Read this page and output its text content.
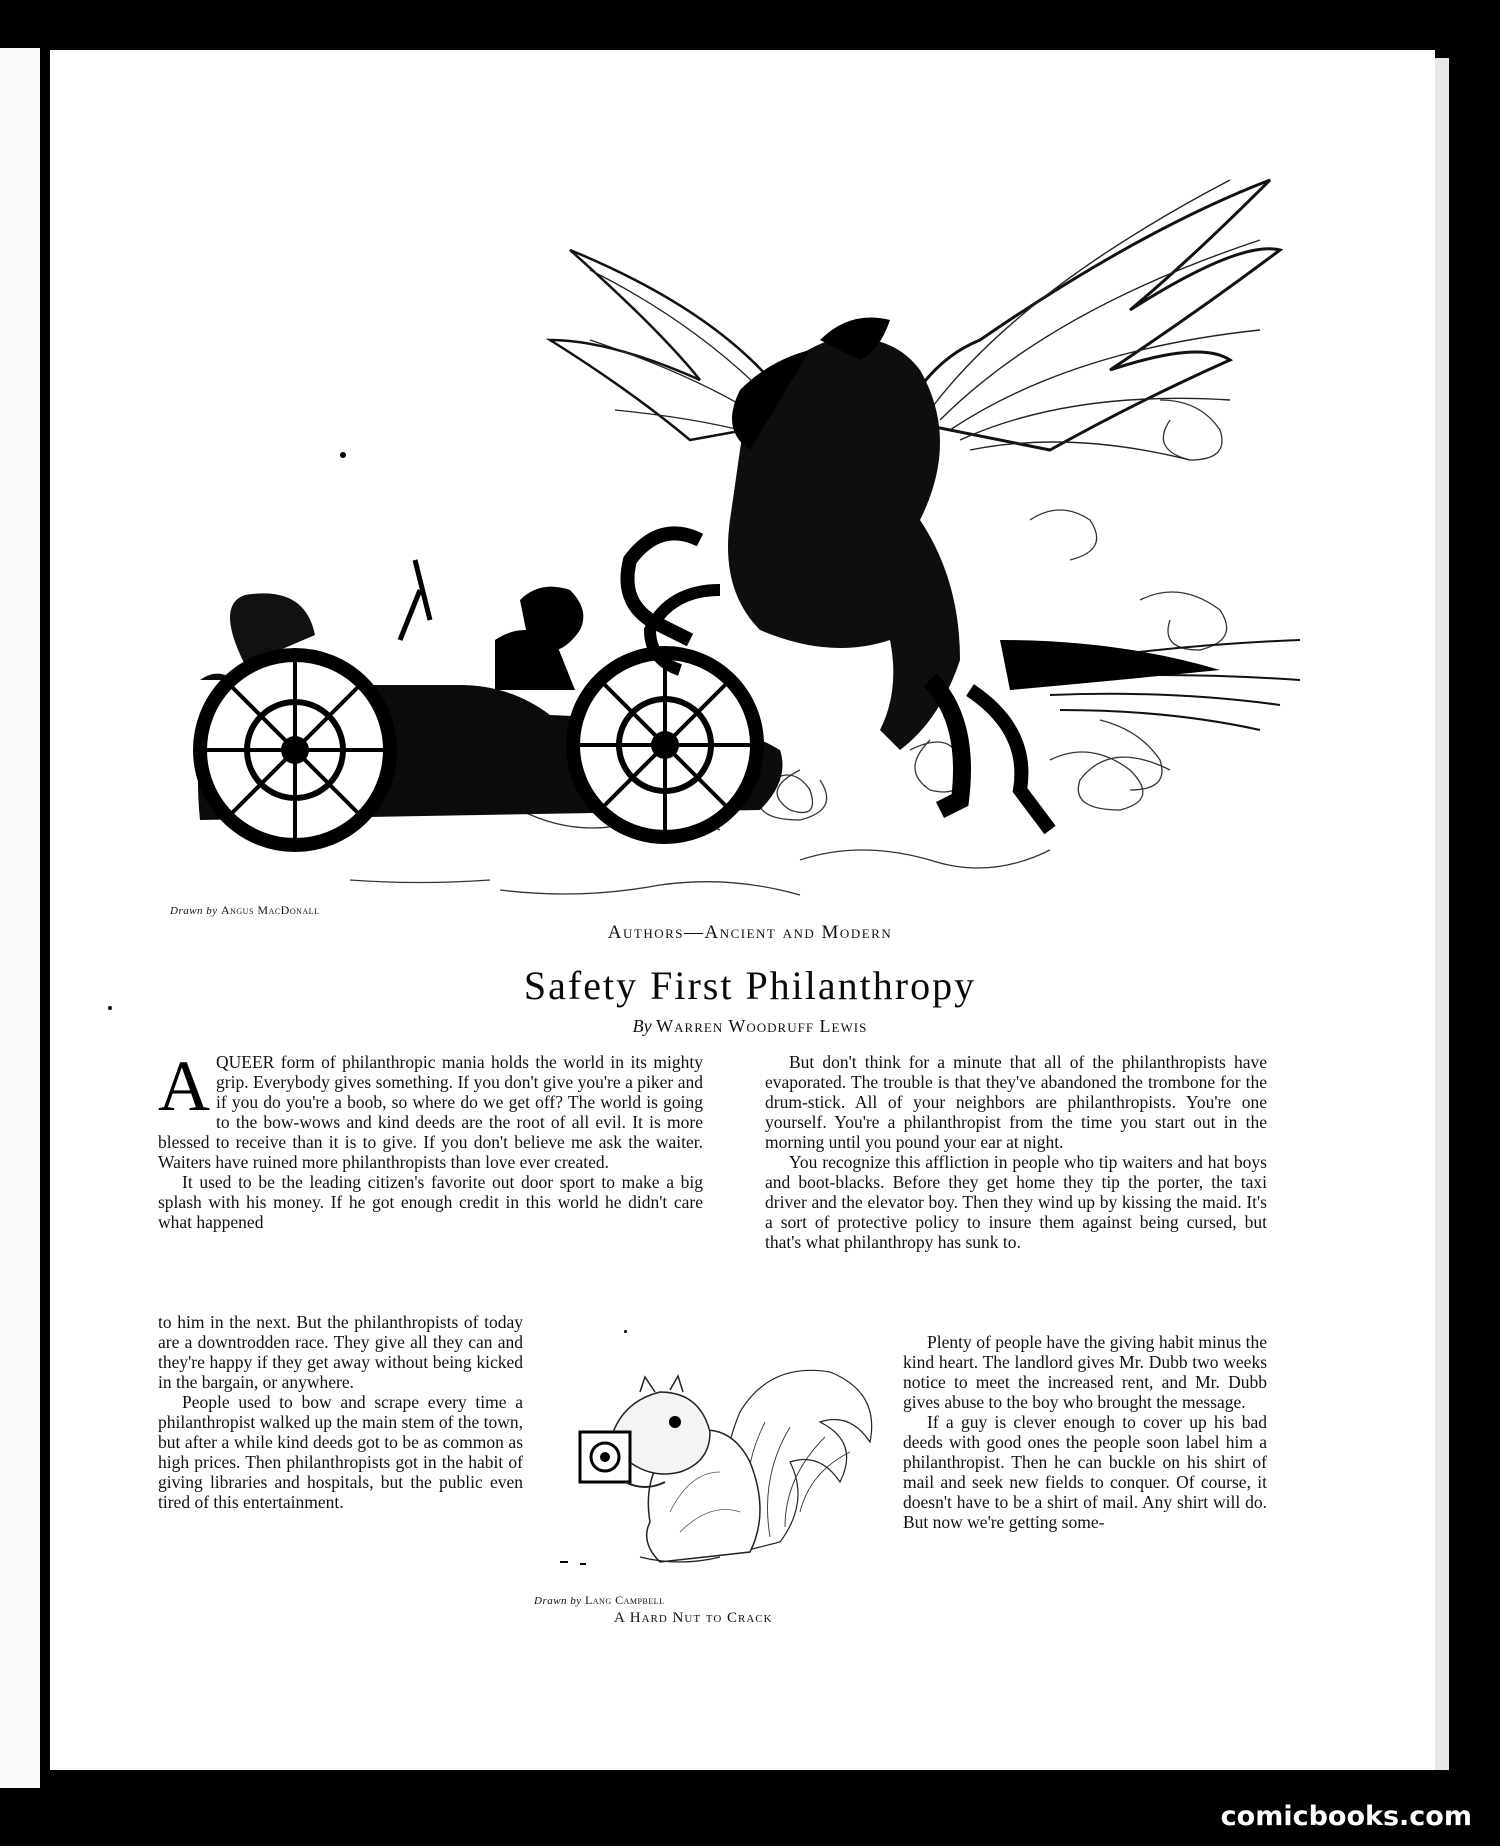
Drawn by Angus MacDonall
Authors—Ancient and Modern
Safety First Philanthropy
By Warren Woodruff Lewis

AQUEER form of philanthropic mania holds the world in its mighty grip. Everybody gives something. If you don't give you're a piker and if you do you're a boob, so where do we get off? The world is going to the bow-wows and kind deeds are the root of all evil. It is more blessed to receive than it is to give. If you don't believe me ask the waiter. Waiters have ruined more philanthropists than love ever created.

It used to be the leading citizen's favorite out door sport to make a big splash with his money. If he got enough credit in this world he didn't care what happened

to him in the next. But the philanthropists of today are a downtrodden race. They give all they can and they're happy if they get away without being kicked in the bargain, or anywhere.

People used to bow and scrape every time a philanthropist walked up the main stem of the town, but after a while kind deeds got to be as common as high prices. Then philanthropists got in the habit of giving libraries and hospitals, but the public even tired of this entertainment.

But don't think for a minute that all of the philanthropists have evaporated. The trouble is that they've abandoned the trombone for the drum-stick. All of your neighbors are philanthropists. You're one yourself. You're a philanthropist from the time you start out in the morning until you pound your ear at night.

You recognize this affliction in people who tip waiters and hat boys and boot-blacks. Before they get home they tip the porter, the taxi driver and the elevator boy. Then they wind up by kissing the maid. It's a sort of protective policy to insure them against being cursed, but that's what philanthropy has sunk to.

Plenty of people have the giving habit minus the kind heart. The landlord gives Mr. Dubb two weeks notice to meet the increased rent, and Mr. Dubb gives abuse to the boy who brought the message.

If a guy is clever enough to cover up his bad deeds with good ones the people soon label him a philanthropist. Then he can buckle on his shirt of mail and seek new fields to conquer. Of course, it doesn't have to be a shirt of mail. Any shirt will do. But now we're getting some-

Drawn by Lang Campbell
A Hard Nut to Crack
comicbooks.com
